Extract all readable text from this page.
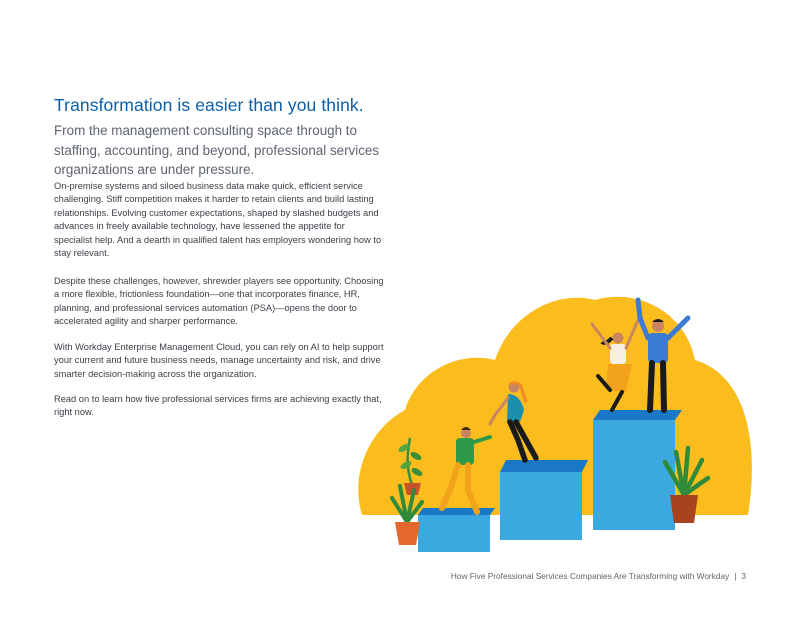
Transformation is easier than you think.

From the management consulting space through to staffing, accounting, and beyond, professional services organizations are under pressure.

On-premise systems and siloed business data make quick, efficient service challenging. Stiff competition makes it harder to retain clients and build lasting relationships. Evolving customer expectations, shaped by slashed budgets and advances in freely available technology, have lessened the appetite for specialist help. And a dearth in qualified talent has employers wondering how to stay relevant.

Despite these challenges, however, shrewder players see opportunity. Choosing a more flexible, frictionless foundation—one that incorporates finance, HR, planning, and professional services automation (PSA)—opens the door to accelerated agility and sharper performance.

With Workday Enterprise Management Cloud, you can rely on AI to help support your current and future business needs, manage uncertainty and risk, and drive smarter decision-making across the organization.

Read on to learn how five professional services firms are achieving exactly that, right now.

How Five Professional Services Companies Are Transforming with Workday | 3
